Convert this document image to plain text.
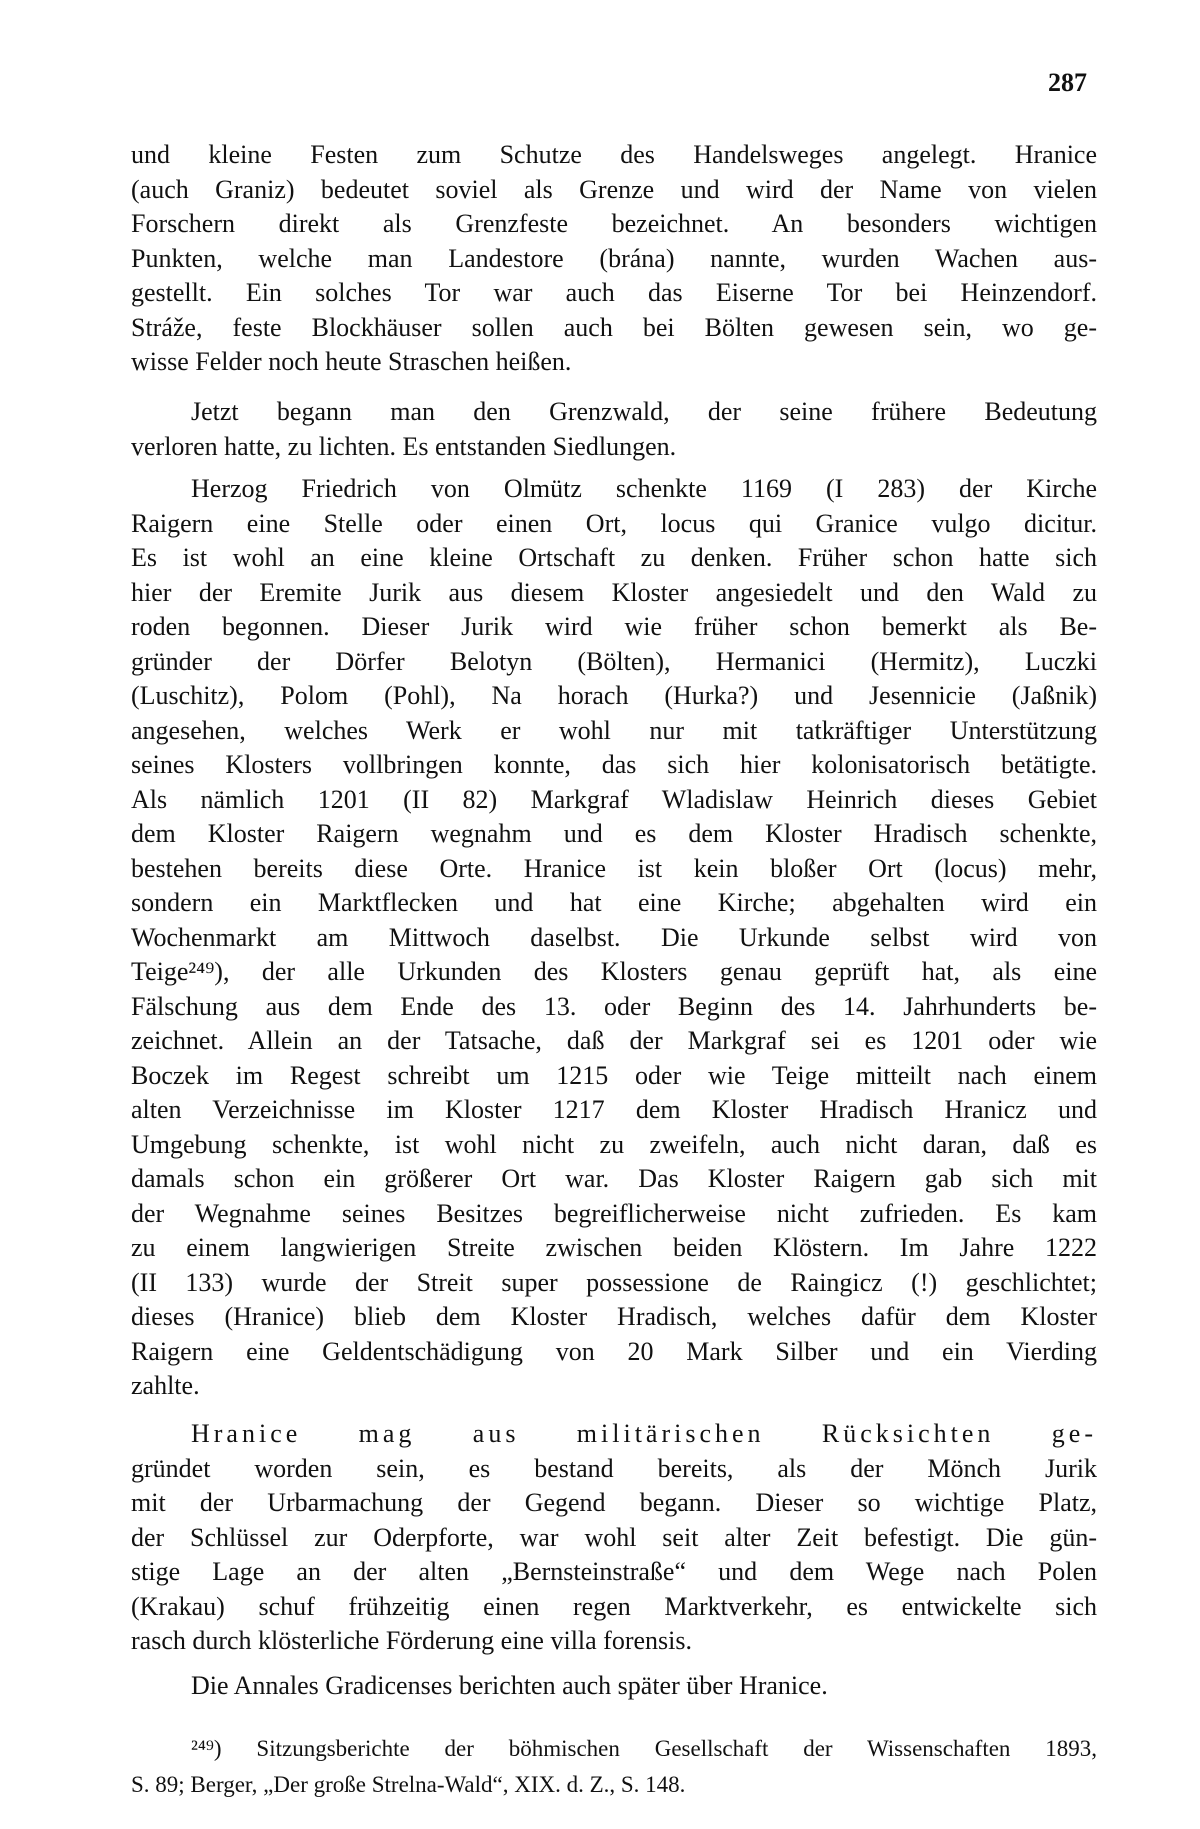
287
und kleine Festen zum Schutze des Handelsweges angelegt. Hranice
(auch Graniz) bedeutet soviel als Grenze und wird der Name von vielen
Forschern direkt als Grenzfeste bezeichnet. An besonders wichtigen
Punkten, welche man Landestore (brána) nannte, wurden Wachen aus-
gestellt. Ein solches Tor war auch das Eiserne Tor bei Heinzendorf.
Stráže, feste Blockhäuser sollen auch bei Bölten gewesen sein, wo ge-
wisse Felder noch heute Straschen heißen.
Jetzt begann man den Grenzwald, der seine frühere Bedeutung
verloren hatte, zu lichten. Es entstanden Siedlungen.
Herzog Friedrich von Olmütz schenkte 1169 (I 283) der Kirche
Raigern eine Stelle oder einen Ort, locus qui Granice vulgo dicitur.
Es ist wohl an eine kleine Ortschaft zu denken. Früher schon hatte sich
hier der Eremite Jurik aus diesem Kloster angesiedelt und den Wald zu
roden begonnen. Dieser Jurik wird wie früher schon bemerkt als Be-
gründer der Dörfer Belotyn (Bölten), Hermanici (Hermitz), Luczki
(Luschitz), Polom (Pohl), Na horach (Hurka?) und Jesennicie (Jaßnik)
angesehen, welches Werk er wohl nur mit tatkräftiger Unterstützung
seines Klosters vollbringen konnte, das sich hier kolonisatorisch betätigte.
Als nämlich 1201 (II 82) Markgraf Wladislaw Heinrich dieses Gebiet
dem Kloster Raigern wegnahm und es dem Kloster Hradisch schenkte,
bestehen bereits diese Orte. Hranice ist kein bloßer Ort (locus) mehr,
sondern ein Marktflecken und hat eine Kirche; abgehalten wird ein
Wochenmarkt am Mittwoch daselbst. Die Urkunde selbst wird von
Teige²⁴⁹), der alle Urkunden des Klosters genau geprüft hat, als eine
Fälschung aus dem Ende des 13. oder Beginn des 14. Jahrhunderts be-
zeichnet. Allein an der Tatsache, daß der Markgraf sei es 1201 oder wie
Boczek im Regest schreibt um 1215 oder wie Teige mitteilt nach einem
alten Verzeichnisse im Kloster 1217 dem Kloster Hradisch Hranicz und
Umgebung schenkte, ist wohl nicht zu zweifeln, auch nicht daran, daß es
damals schon ein größerer Ort war. Das Kloster Raigern gab sich mit
der Wegnahme seines Besitzes begreiflicherweise nicht zufrieden. Es kam
zu einem langwierigen Streite zwischen beiden Klöstern. Im Jahre 1222
(II 133) wurde der Streit super possessione de Raingicz (!) geschlichtet;
dieses (Hranice) blieb dem Kloster Hradisch, welches dafür dem Kloster
Raigern eine Geldentschädigung von 20 Mark Silber und ein Vierding
zahlte.
Hranice mag aus militärischen Rücksichten ge-
gründet worden sein, es bestand bereits, als der Mönch Jurik
mit der Urbarmachung der Gegend begann. Dieser so wichtige Platz,
der Schlüssel zur Oderpforte, war wohl seit alter Zeit befestigt. Die gün-
stige Lage an der alten „Bernsteinstraße“ und dem Wege nach Polen
(Krakau) schuf frühzeitig einen regen Marktverkehr, es entwickelte sich
rasch durch klösterliche Förderung eine villa forensis.
Die Annales Gradicenses berichten auch später über Hranice.
²⁴⁹) Sitzungsberichte der böhmischen Gesellschaft der Wissenschaften 1893,
S. 89; Berger, „Der große Strelna-Wald“, XIX. d. Z., S. 148.
